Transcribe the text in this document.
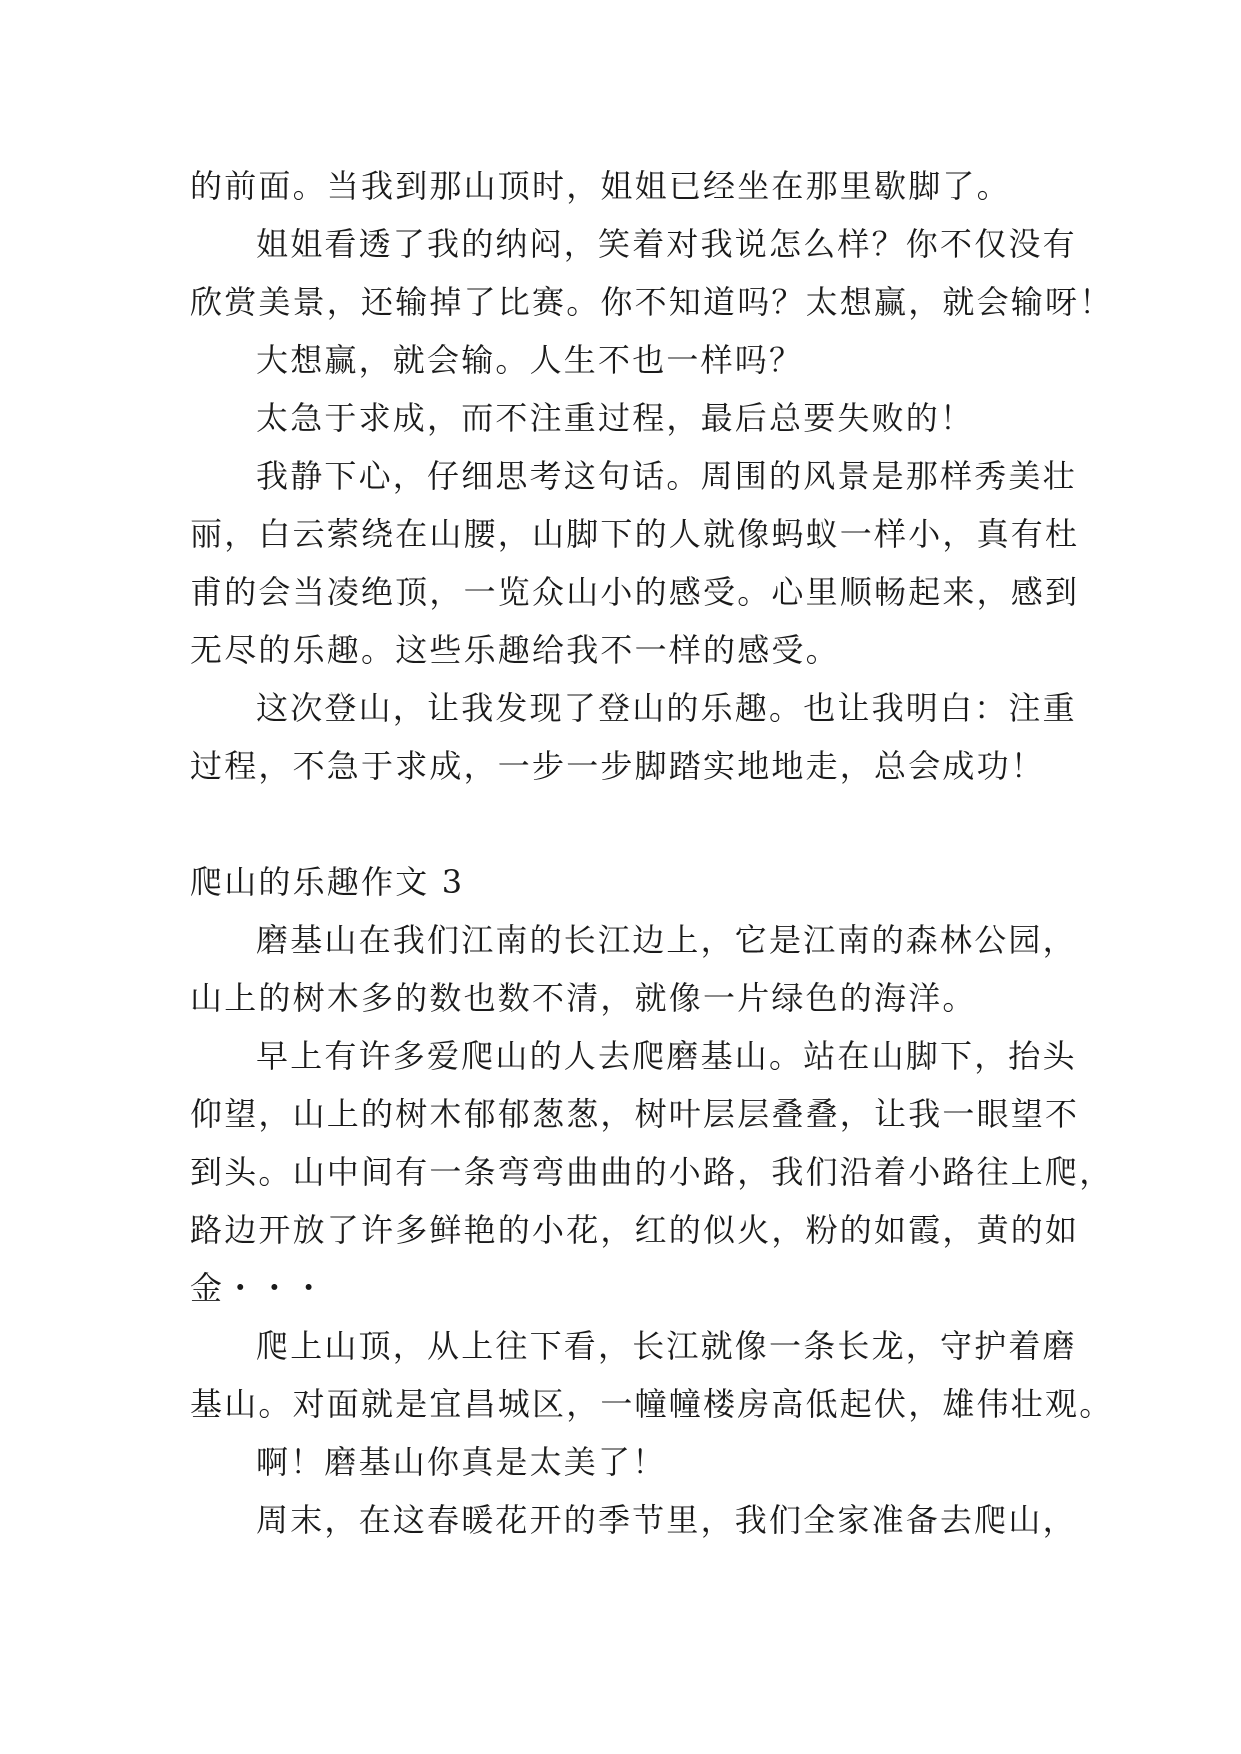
的前面。当我到那山顶时，姐姐已经坐在那里歇脚了。
姐姐看透了我的纳闷，笑着对我说怎么样？你不仅没有
欣赏美景，还输掉了比赛。你不知道吗？太想赢，就会输呀！
大想赢，就会输。人生不也一样吗？
太急于求成，而不注重过程，最后总要失败的！
我静下心，仔细思考这句话。周围的风景是那样秀美壮
丽，白云萦绕在山腰，山脚下的人就像蚂蚁一样小，真有杜
甫的会当凌绝顶，一览众山小的感受。心里顺畅起来，感到
无尽的乐趣。这些乐趣给我不一样的感受。
这次登山，让我发现了登山的乐趣。也让我明白：注重
过程，不急于求成，一步一步脚踏实地地走，总会成功！
爬山的乐趣作文 3
磨基山在我们江南的长江边上，它是江南的森林公园，
山上的树木多的数也数不清，就像一片绿色的海洋。
早上有许多爱爬山的人去爬磨基山。站在山脚下，抬头
仰望，山上的树木郁郁葱葱，树叶层层叠叠，让我一眼望不
到头。山中间有一条弯弯曲曲的小路，我们沿着小路往上爬，
路边开放了许多鲜艳的小花，红的似火，粉的如霞，黄的如
金・・・
爬上山顶，从上往下看，长江就像一条长龙，守护着磨
基山。对面就是宜昌城区，一幢幢楼房高低起伏，雄伟壮观。
啊！磨基山你真是太美了！
周末，在这春暖花开的季节里，我们全家准备去爬山，
